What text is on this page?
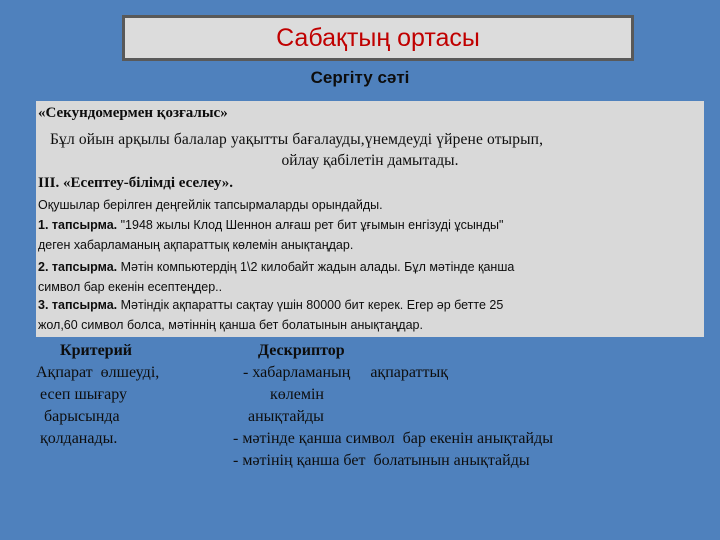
Сабақтың ортасы
Сергіту сәті
«Секундомермен қозғалыс»
Бұл ойын арқылы балалар уақытты бағалауды,үнемдеуді үйрене отырып,
ойлау қабілетін дамытады.
ІІІ. «Есептеу-білімді еселеу».
Оқушылар берілген деңгейлік тапсырмаларды орындайды.
1. тапсырма. "1948 жылы Клод Шеннон алғаш рет бит ұғымын енгізуді ұсынды"
деген хабарламаның ақпараттық көлемін анықтаңдар.
2. тапсырма. Мәтін компьютердің 1\2 килобайт жадын алады. Бұл мәтінде қанша
символ бар екенін есептеңдер..
3. тапсырма. Мәтіндік ақпаратты сақтау үшін 80000 бит керек. Егер әр бетте 25
жол,60 символ болса, мәтіннің қанша бет болатынын анықтаңдар.
Критерий	Дескриптор
Ақпарат  өлшеуді,
есеп шығару
барысында
қолданады.
- хабарламаның     ақпараттық
көлемін
анықтайды
- мәтінде қанша символ  бар екенін анықтайды
- мәтінің қанша бет  болатынын анықтайды
